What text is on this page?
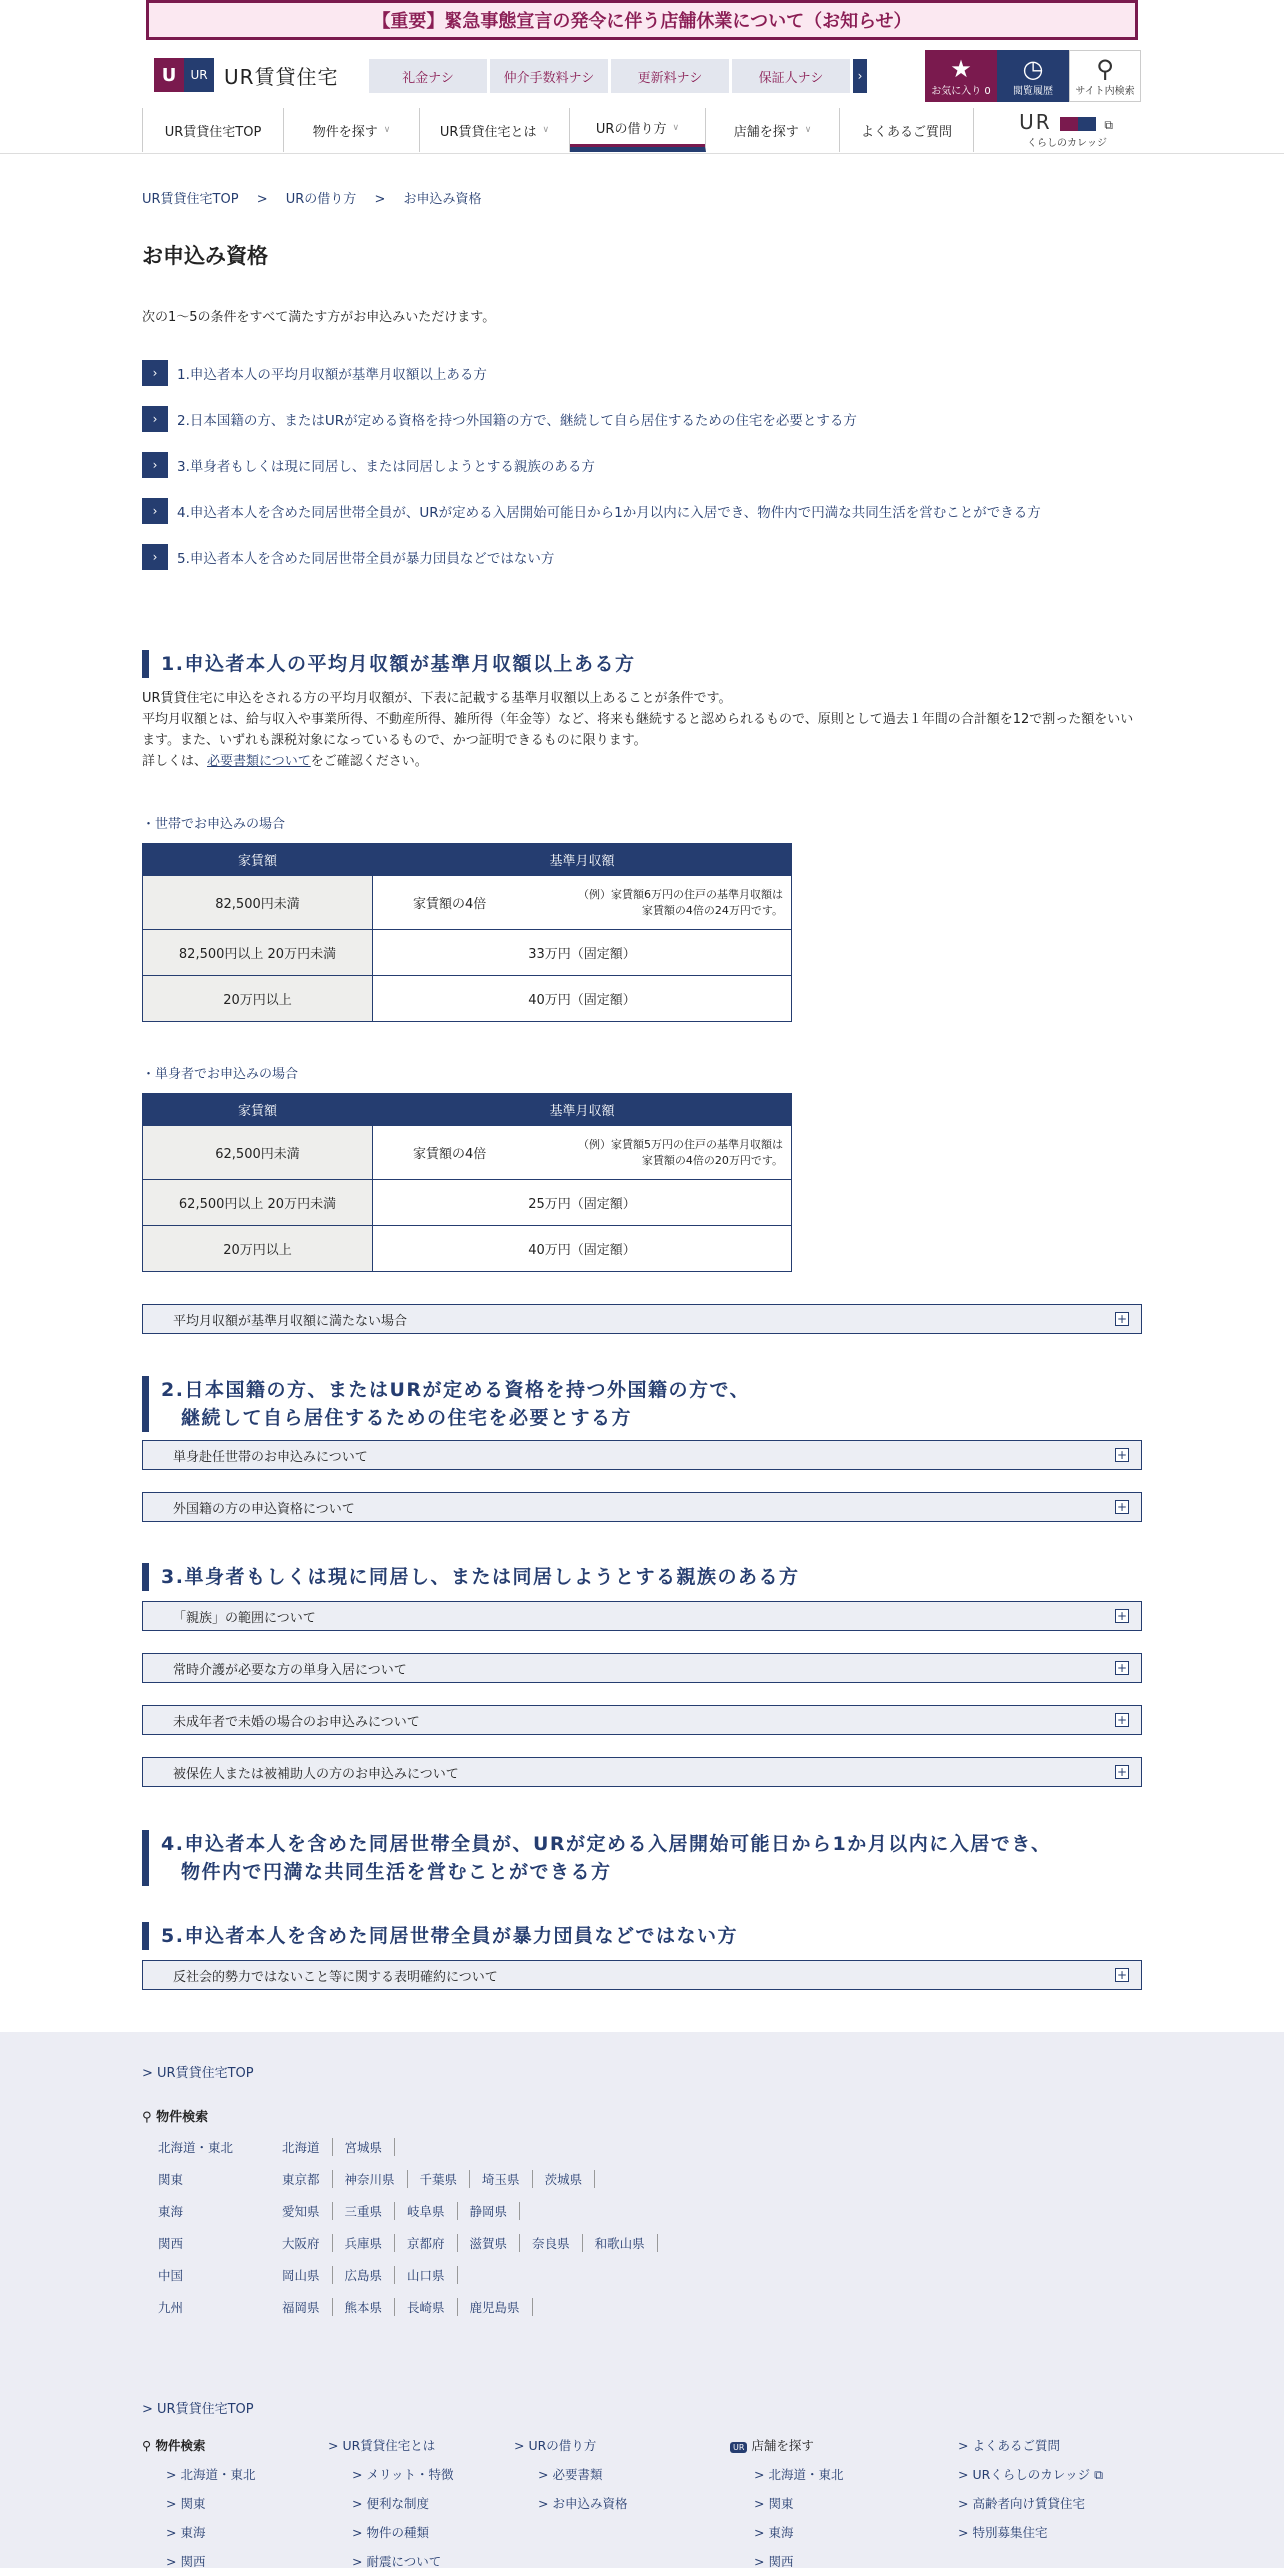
【重要】緊急事態宣言の発令に伴う店舗休業について（お知らせ）
U	UR UR賃貸住宅	礼金ナシ	仲介手数料ナシ	更新料ナシ	保証人ナシ	›	★
お気に入り 0
◷
閲覧履歴
⚲
サイト内検索
UR賃貸住宅TOP	物件を探す ∨	UR賃貸住宅とは ∨	URの借り方 ∨	店舗を探す ∨	よくあるご質問	UR	⧉
くらしのカレッジ
UR賃貸住宅TOP > URの借り方 > お申込み資格
お申込み資格

次の1～5の条件をすべて満たす方がお申込みいただけます。

›	1.申込者本人の平均月収額が基準月収額以上ある方
›	2.日本国籍の方、またはURが定める資格を持つ外国籍の方で、継続して自ら居住するための住宅を必要とする方
›	3.単身者もしくは現に同居し、または同居しようとする親族のある方
›	4.申込者本人を含めた同居世帯全員が、URが定める入居開始可能日から1か月以内に入居でき、物件内で円満な共同生活を営むことができる方
›	5.申込者本人を含めた同居世帯全員が暴力団員などではない方
1.申込者本人の平均月収額が基準月収額以上ある方
UR賃貸住宅に申込をされる方の平均月収額が、下表に記載する基準月収額以上あることが条件です。
平均月収額とは、給与収入や事業所得、不動産所得、雑所得（年金等）など、将来も継続すると認められるもので、原則として過去１年間の合計額を12で割った額をいいます。また、いずれも課税対象になっているもので、かつ証明できるものに限ります。
詳しくは、必要書類についてをご確認ください。
・世帯でお申込みの場合
家賃額	基準月収額
82,500円未満	家賃額の4倍
（例）家賃額6万円の住戸の基準月収額は
家賃額の4倍の24万円です。

82,500円以上 20万円未満	33万円（固定額）
20万円以上	40万円（固定額）
・単身者でお申込みの場合
家賃額	基準月収額
62,500円未満	家賃額の4倍
（例）家賃額5万円の住戸の基準月収額は
家賃額の4倍の20万円です。

62,500円以上 20万円未満	25万円（固定額）
20万円以上	40万円（固定額）
平均月収額が基準月収額に満たない場合	+
2.日本国籍の方、またはURが定める資格を持つ外国籍の方で、
継続して自ら居住するための住宅を必要とする方
単身赴任世帯のお申込みについて	+
外国籍の方の申込資格について	+
3.単身者もしくは現に同居し、または同居しようとする親族のある方
「親族」の範囲について	+
常時介護が必要な方の単身入居について	+
未成年者で未婚の場合のお申込みについて	+
被保佐人または被補助人の方のお申込みについて	+
4.申込者本人を含めた同居世帯全員が、URが定める入居開始可能日から1か月以内に入居でき、
物件内で円満な共同生活を営むことができる方
5.申込者本人を含めた同居世帯全員が暴力団員などではない方
反社会的勢力ではないこと等に関する表明確約について	+
> UR賃貸住宅TOP
⚲ 物件検索
北海道・東北	北海道	宮城県
関東	東京都	神奈川県	千葉県	埼玉県	茨城県
東海	愛知県	三重県	岐阜県	静岡県
関西	大阪府	兵庫県	京都府	滋賀県	奈良県	和歌山県
中国	岡山県	広島県	山口県
九州	福岡県	熊本県	長崎県	鹿児島県
> UR賃貸住宅TOP
⚲ 物件検索
> 北海道・東北
> 関東
> 東海
> 関西
> UR賃貸住宅とは
> メリット・特徴
> 便利な制度
> 物件の種類
> 耐震について
> URの借り方
> 必要書類
> お申込み資格
UR 店舗を探す
> 北海道・東北
> 関東
> 東海
> 関西
> よくあるご質問
> URくらしのカレッジ ⧉
> 高齢者向け賃貸住宅
> 特別募集住宅
